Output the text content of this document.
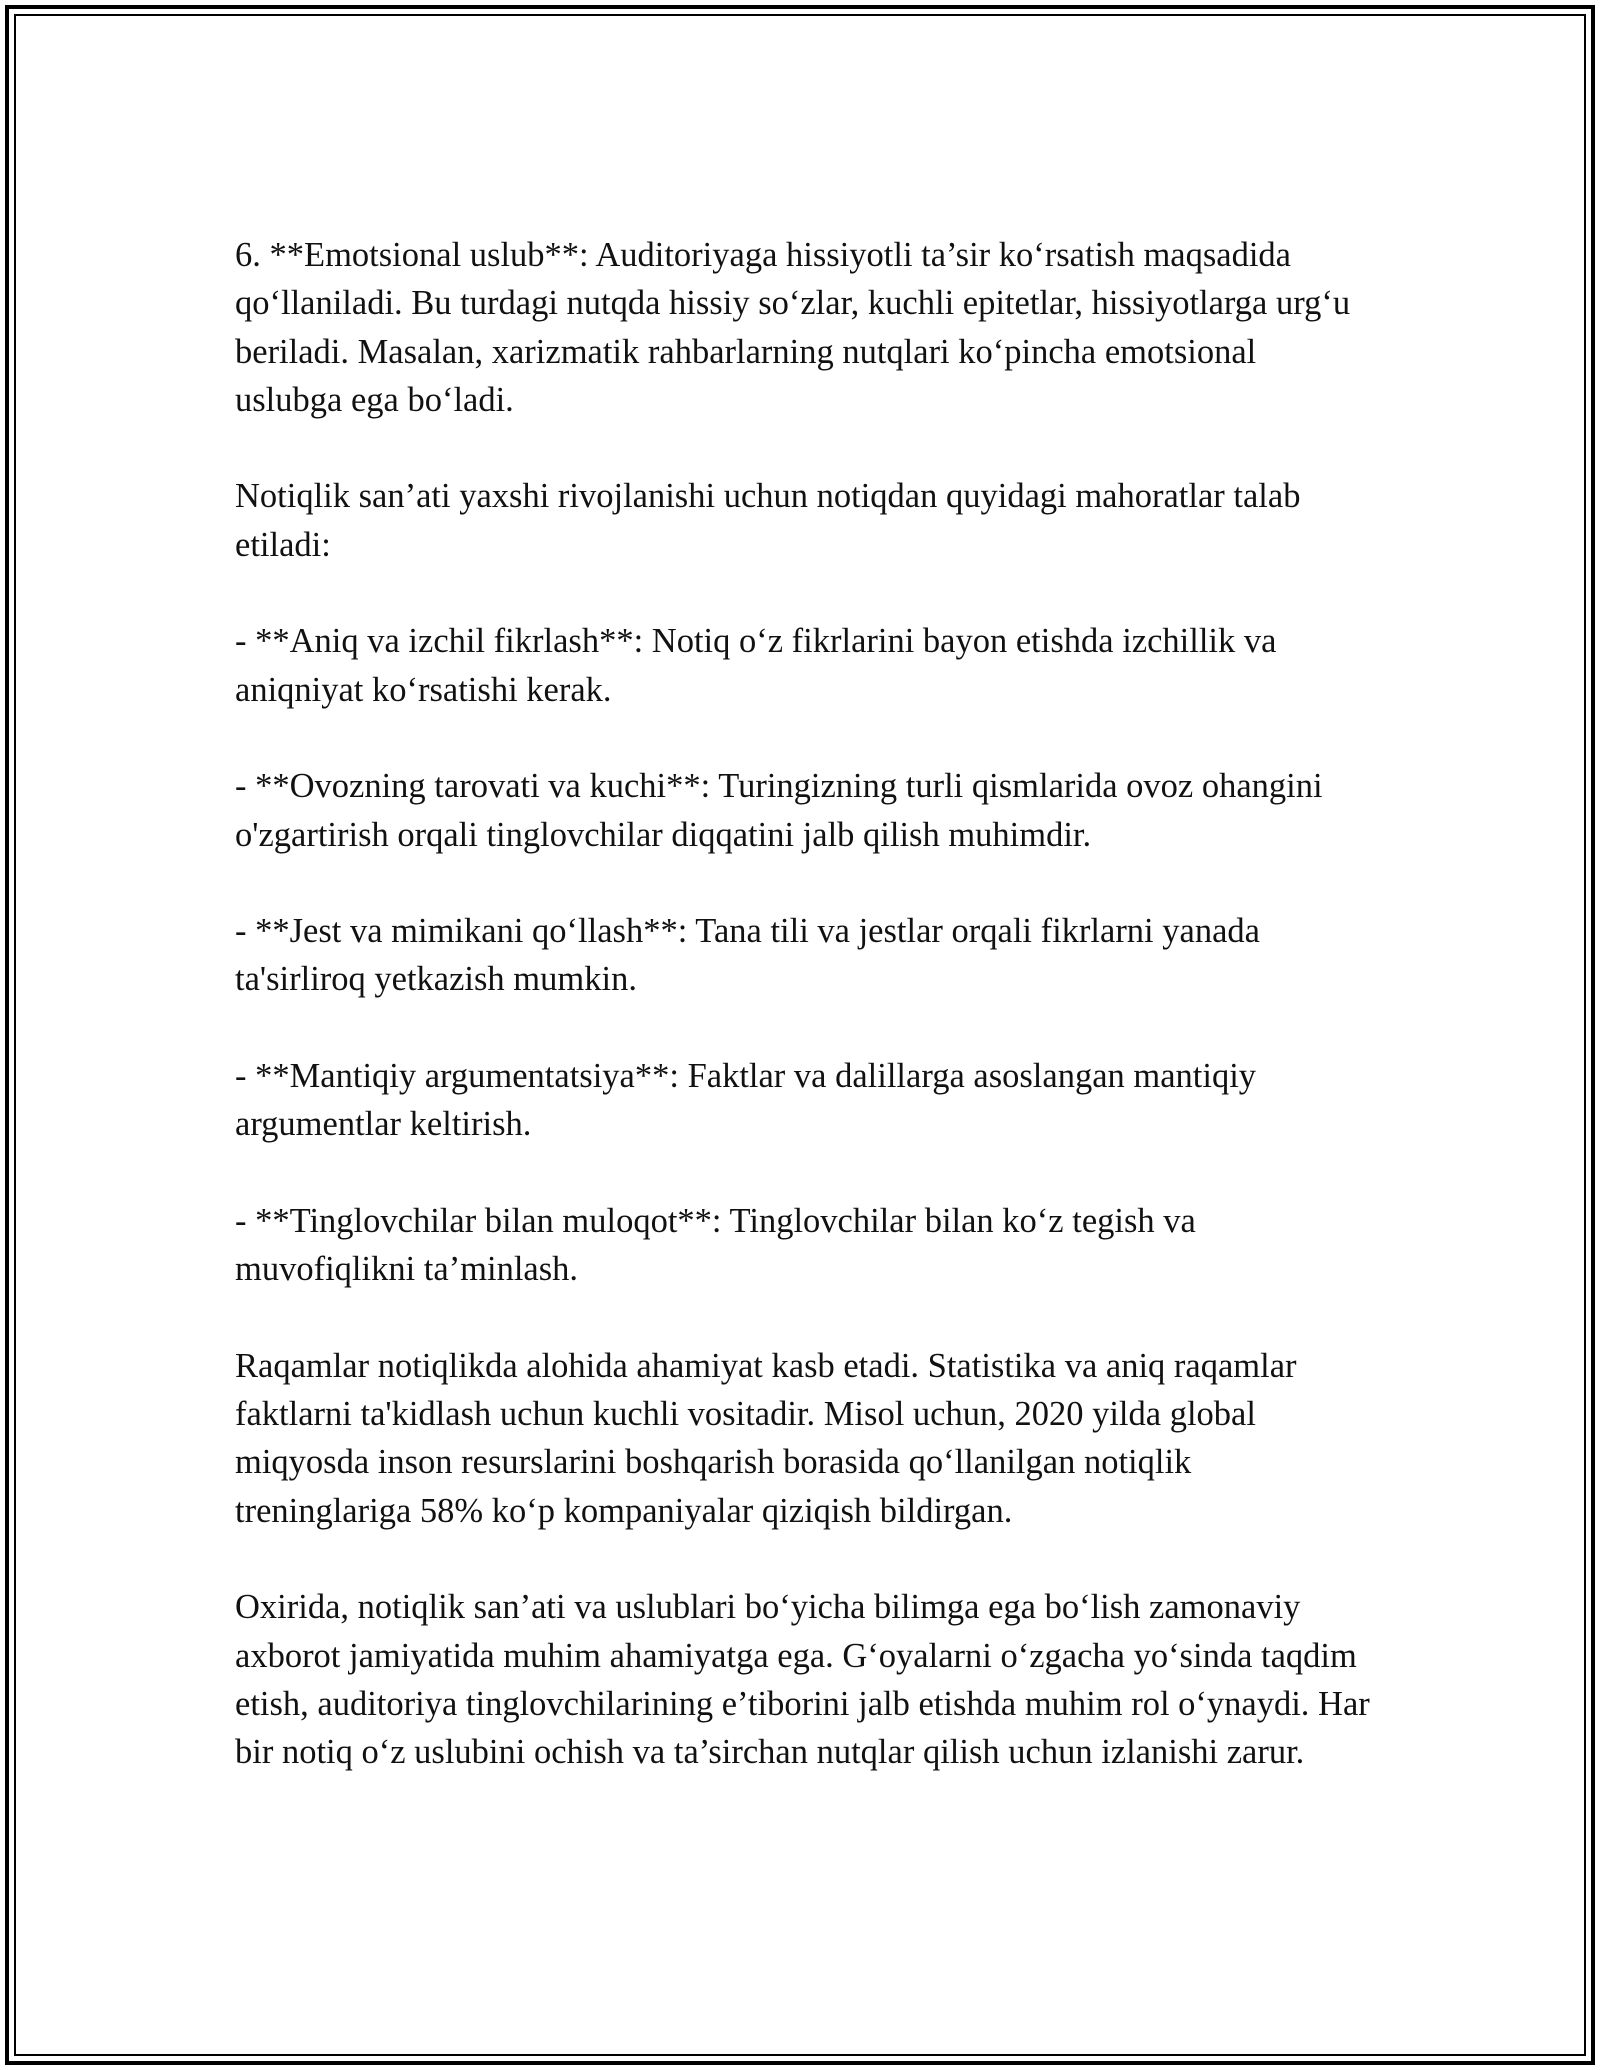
6. **Emotsional uslub**: Auditoriyaga hissiyotli ta’sir ko‘rsatish maqsadida qo‘llaniladi. Bu turdagi nutqda hissiy so‘zlar, kuchli epitetlar, hissiyotlarga urg‘u beriladi. Masalan, xarizmatik rahbarlarning nutqlari ko‘pincha emotsional uslubga ega bo‘ladi.

Notiqlik san’ati yaxshi rivojlanishi uchun notiqdan quyidagi mahoratlar talab etiladi:

- **Aniq va izchil fikrlash**: Notiq o‘z fikrlarini bayon etishda izchillik va aniqniyat ko‘rsatishi kerak.

- **Ovozning tarovati va kuchi**: Turingizning turli qismlarida ovoz ohangini o'zgartirish orqali tinglovchilar diqqatini jalb qilish muhimdir.

- **Jest va mimikani qo‘llash**: Tana tili va jestlar orqali fikrlarni yanada ta'sirliroq yetkazish mumkin.

- **Mantiqiy argumentatsiya**: Faktlar va dalillarga asoslangan mantiqiy argumentlar keltirish.

- **Tinglovchilar bilan muloqot**: Tinglovchilar bilan ko‘z tegish va muvofiqlikni ta’minlash.

Raqamlar notiqlikda alohida ahamiyat kasb etadi. Statistika va aniq raqamlar faktlarni ta'kidlash uchun kuchli vositadir. Misol uchun, 2020 yilda global miqyosda inson resurslarini boshqarish borasida qo‘llanilgan notiqlik treninglariga 58% ko‘p kompaniyalar qiziqish bildirgan.

Oxirida, notiqlik san’ati va uslublari bo‘yicha bilimga ega bo‘lish zamonaviy axborot jamiyatida muhim ahamiyatga ega. G‘oyalarni o‘zgacha yo‘sinda taqdim etish, auditoriya tinglovchilarining e’tiborini jalb etishda muhim rol o‘ynaydi. Har bir notiq o‘z uslubini ochish va ta’sirchan nutqlar qilish uchun izlanishi zarur.
